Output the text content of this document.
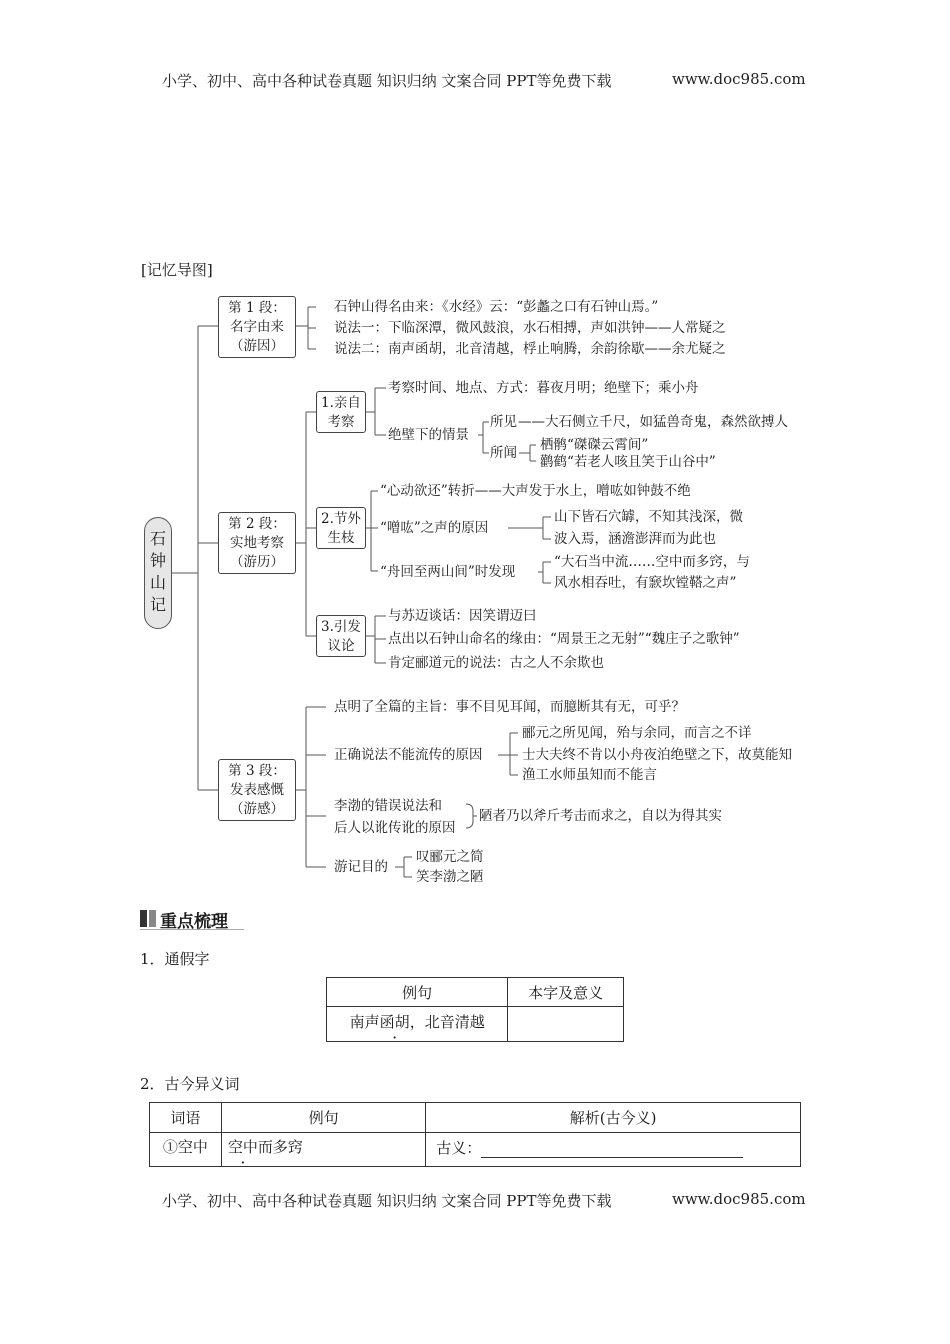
小学、初中、高中各种试卷真题 知识归纳 文案合同 PPT等免费下载	www.doc985.com
[记忆导图]
石
钟
山
记
第 1 段：
名字由来
（游因）
石钟山得名由来：《水经》云：“彭蠡之口有石钟山焉。”
说法一：下临深潭，微风鼓浪，水石相搏，声如洪钟——人常疑之
说法二：南声函胡，北音清越，桴止响腾，余韵徐歇——余尤疑之
第 2 段：
实地考察
（游历）
1.亲自
考察
考察时间、地点、方式：暮夜月明；绝壁下；乘小舟
绝壁下的情景
所见 ——大石侧立千尺，如猛兽奇鬼，森然欲搏人
所闻 栖鹘“磔磔云霄间”
鹳鹤“若老人咳且笑于山谷中”
2.节外
生枝
“心动欲还”转折——大声发于水上，噌吰如钟鼓不绝
“噌吰”之声的原因
山下皆石穴罅，不知其浅深，微
波入焉，涵澹澎湃而为此也
“舟回至两山间”时发现
“大石当中流……空中而多窍，与
风水相吞吐，有窾坎镗鞳之声”
3.引发
议论
与苏迈谈话：因笑谓迈曰
点出以石钟山命名的缘由：“周景王之无射”“魏庄子之歌钟”
肯定郦道元的说法：古之人不余欺也
第 3 段：
发表感慨
（游感）
点明了全篇的主旨：事不目见耳闻，而臆断其有无，可乎？
正确说法不能流传的原因
郦元之所见闻，殆与余同，而言之不详
士大夫终不肯以小舟夜泊绝壁之下，故莫能知
渔工水师虽知而不能言
李渤的错误说法和
后人以讹传讹的原因
陋者乃以斧斤考击而求之，自以为得其实
游记目的
叹郦元之简
笑李渤之陋
重点梳理
1．通假字
例句	本字及意义
南声函胡，北音清越	
2．古今异义词
词语	例句	解析(古今义)
①空中	空中而多窍	古义：
小学、初中、高中各种试卷真题 知识归纳 文案合同 PPT等免费下载	www.doc985.com
